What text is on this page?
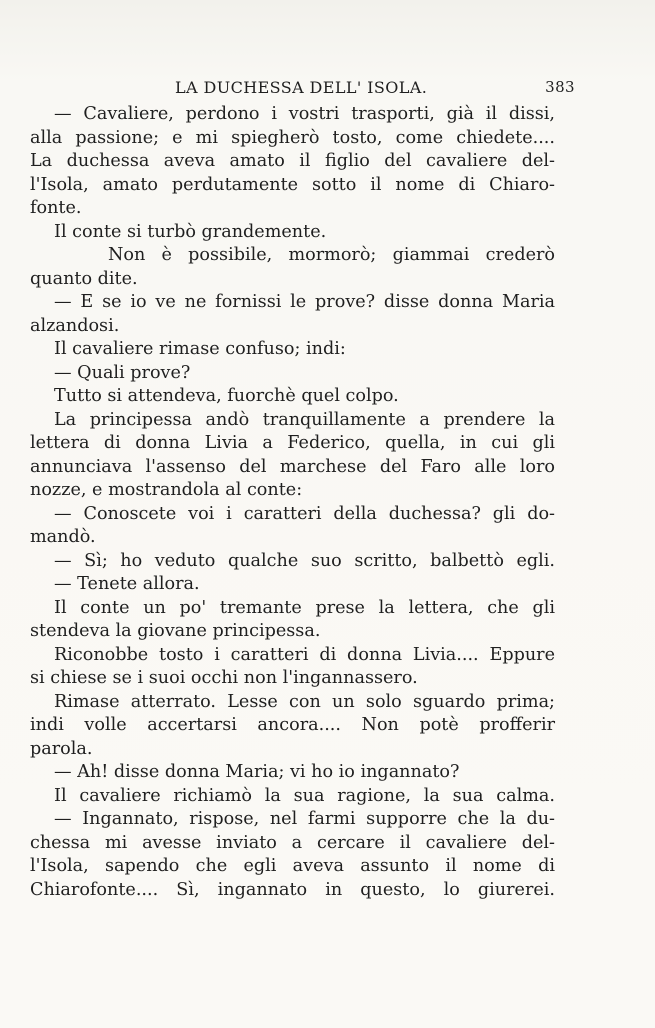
LA DUCHESSA DELL' ISOLA.	383
— Cavaliere, perdono i vostri trasporti, già il dissi,
alla passione; e mi spiegherò tosto, come chiedete....
La duchessa aveva amato il figlio del cavaliere del-
l'Isola, amato perdutamente sotto il nome di Chiaro-
fonte.
Il conte si turbò grandemente.
Non è possibile, mormorò; giammai crederò
quanto dite.
— E se io ve ne fornissi le prove? disse donna Maria
alzandosi.
Il cavaliere rimase confuso; indi:
— Quali prove?
Tutto si attendeva, fuorchè quel colpo.
La principessa andò tranquillamente a prendere la
lettera di donna Livia a Federico, quella, in cui gli
annunciava l'assenso del marchese del Faro alle loro
nozze, e mostrandola al conte:
— Conoscete voi i caratteri della duchessa? gli do-
mandò.
— Sì; ho veduto qualche suo scritto, balbettò egli.
— Tenete allora.
Il conte un po' tremante prese la lettera, che gli
stendeva la giovane principessa.
Riconobbe tosto i caratteri di donna Livia.... Eppure
si chiese se i suoi occhi non l'ingannassero.
Rimase atterrato. Lesse con un solo sguardo prima;
indi volle accertarsi ancora.... Non potè profferir
parola.
— Ah! disse donna Maria; vi ho io ingannato?
Il cavaliere richiamò la sua ragione, la sua calma.
— Ingannato, rispose, nel farmi supporre che la du-
chessa mi avesse inviato a cercare il cavaliere del-
l'Isola, sapendo che egli aveva assunto il nome di
Chiarofonte.... Sì, ingannato in questo, lo giurerei.
